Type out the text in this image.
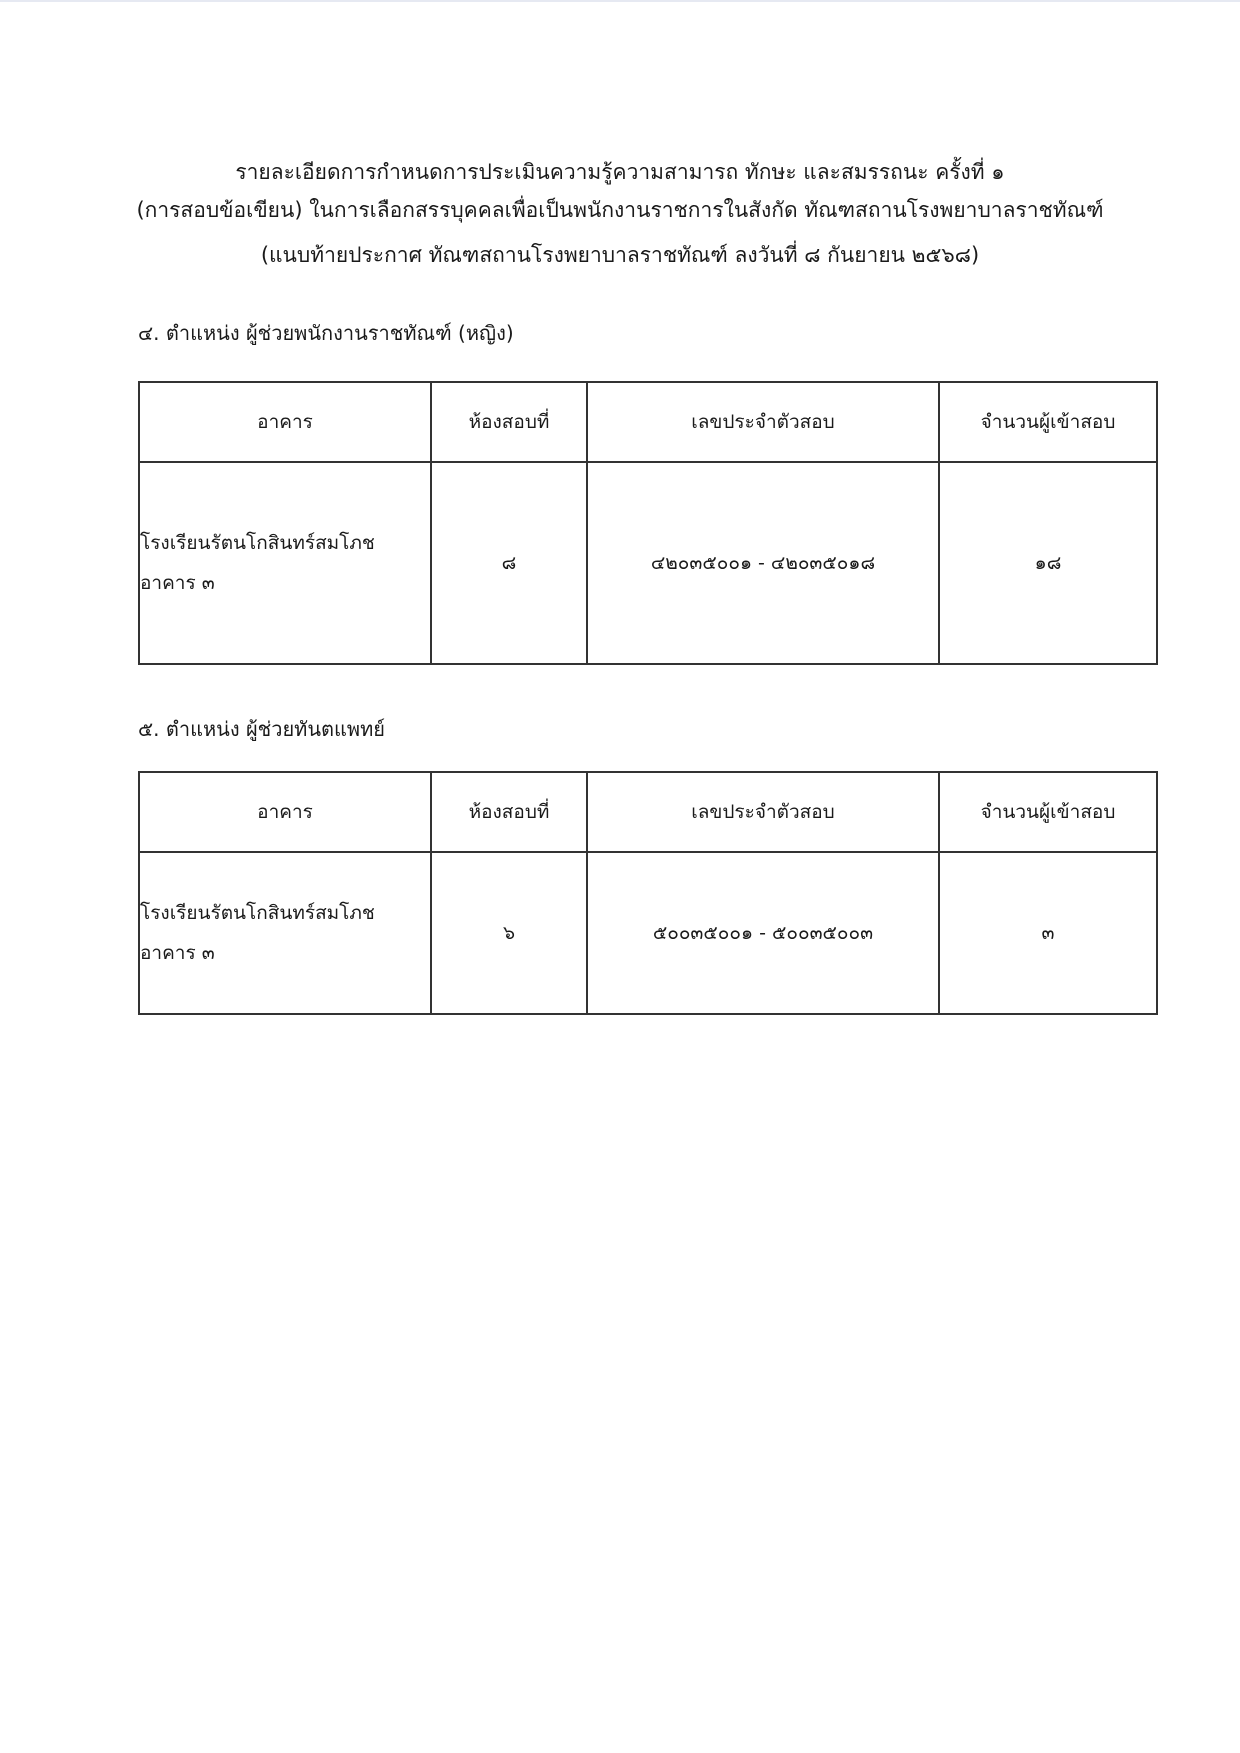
รายละเอียดการกำหนดการประเมินความรู้ความสามารถ ทักษะ และสมรรถนะ ครั้งที่ ๑
(การสอบข้อเขียน) ในการเลือกสรรบุคคลเพื่อเป็นพนักงานราชการในสังกัด ทัณฑสถานโรงพยาบาลราชทัณฑ์
(แนบท้ายประกาศ ทัณฑสถานโรงพยาบาลราชทัณฑ์ ลงวันที่ ๘ กันยายน ๒๕๖๘)
๔. ตำแหน่ง ผู้ช่วยพนักงานราชทัณฑ์ (หญิง)
อาคาร	ห้องสอบที่	เลขประจำตัวสอบ	จำนวนผู้เข้าสอบ

โรงเรียนรัตนโกสินทร์สมโภช
อาคาร ๓	๘	๔๒๐๓๕๐๐๑ - ๔๒๐๓๕๐๑๘	๑๘
๕. ตำแหน่ง ผู้ช่วยทันตแพทย์
อาคาร	ห้องสอบที่	เลขประจำตัวสอบ	จำนวนผู้เข้าสอบ

โรงเรียนรัตนโกสินทร์สมโภช
อาคาร ๓	๖	๕๐๐๓๕๐๐๑ - ๕๐๐๓๕๐๐๓	๓
